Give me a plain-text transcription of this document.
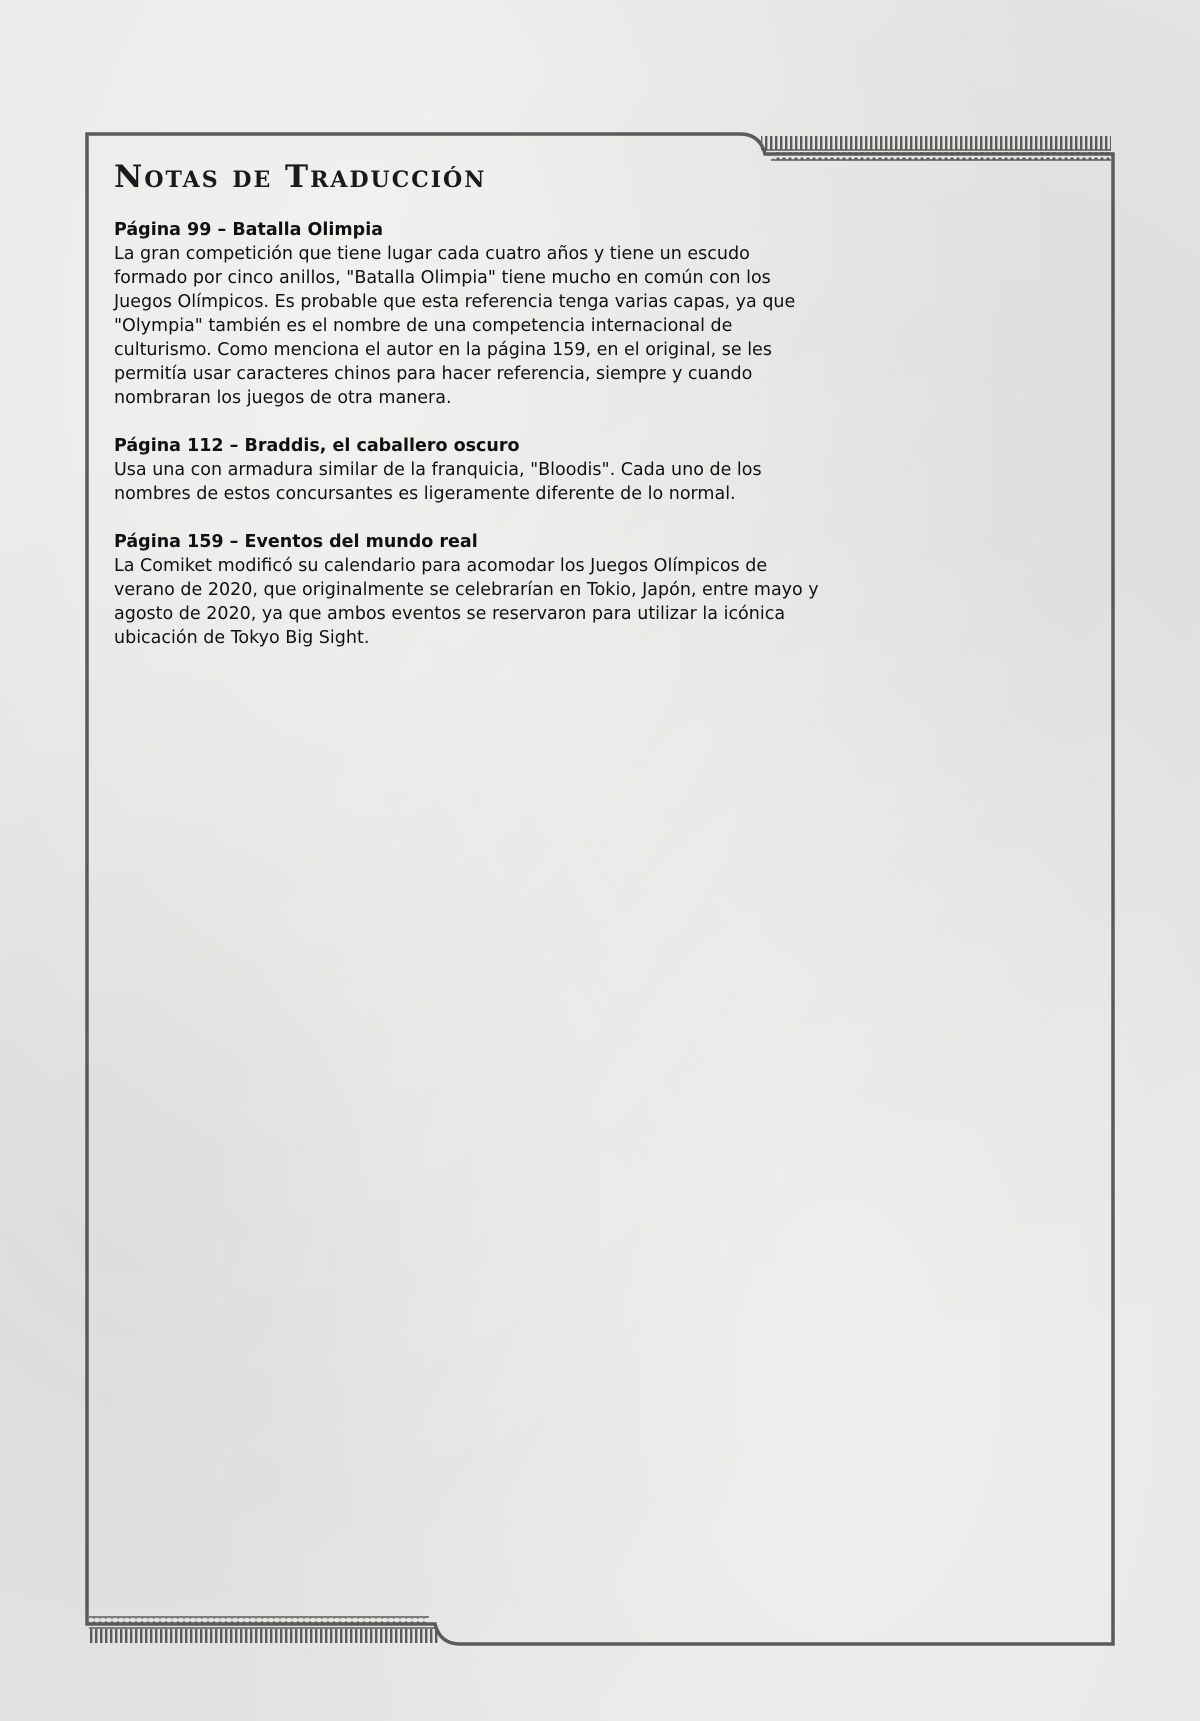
Notas de Traducción

Página 99 – Batalla Olimpia

La gran competición que tiene lugar cada cuatro años y tiene un escudo formado por cinco anillos, "Batalla Olimpia" tiene mucho en común con los Juegos Olímpicos. Es probable que esta referencia tenga varias capas, ya que "Olympia" también es el nombre de una competencia internacional de culturismo. Como menciona el autor en la página 159, en el original, se les permitía usar caracteres chinos para hacer referencia, siempre y cuando nombraran los juegos de otra manera.

Página 112 – Braddis, el caballero oscuro

Usa una con armadura similar de la franquicia, "Bloodis". Cada uno de los nombres de estos concursantes es ligeramente diferente de lo normal.

Página 159 – Eventos del mundo real

La Comiket modificó su calendario para acomodar los Juegos Olímpicos de verano de 2020, que originalmente se celebrarían en Tokio, Japón, entre mayo y agosto de 2020, ya que ambos eventos se reservaron para utilizar la icónica ubicación de Tokyo Big Sight.
